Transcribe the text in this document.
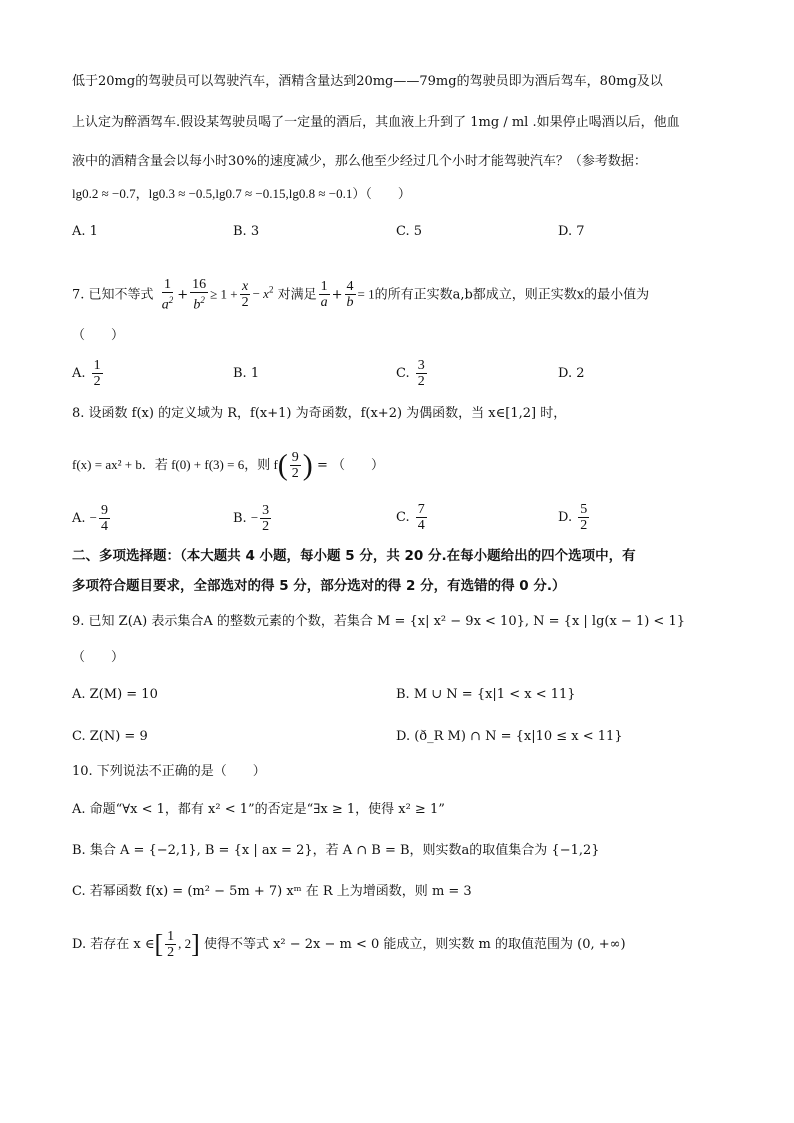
低于20mg的驾驶员可以驾驶汽车，酒精含量达到20mg——79mg的驾驶员即为酒后驾车，80mg及以
上认定为醉酒驾车.假设某驾驶员喝了一定量的酒后，其血液上升到了 1mg / ml .如果停止喝酒以后，他血
液中的酒精含量会以每小时30%的速度减少，那么他至少经过几个小时才能驾驶汽车？（参考数据：
lg0.2 ≈ −0.7，lg0.3 ≈ −0.5,lg0.7 ≈ −0.15,lg0.8 ≈ −0.1）（　　）
A. 1	B. 3	C. 5	D. 7
7. 已知不等式 $\frac{1}{a^2} + \frac{16}{b^2} \ge 1 + \frac{x}{2} - x^2$ 对满足 $\frac{1}{a} + \frac{4}{b} = 1$的所有正实数a,b都成立，则正实数x的最小值为
（　　）
A. $\frac{1}{2}$	B. 1	C. $\frac{3}{2}$	D. 2
8. 设函数 f(x) 的定义域为 R，f(x+1) 为奇函数，f(x+2) 为偶函数，当 x∈[1,2] 时，
f(x) = ax² + b．若 f(0) + f(3) = 6，则 $f( \frac{9}{2}$ ) = （　　）
A. − $\frac{9}{4}$	B. − $\frac{3}{2}$	C. $\frac{7}{4}$	D. $\frac{5}{2}$
二、多项选择题：（本大题共 4 小题，每小题 5 分，共 20 分.在每小题给出的四个选项中，有
多项符合题目要求，全部选对的得 5 分，部分选对的得 2 分，有选错的得 0 分.）
9. 已知 Z(A) 表示集合A 的整数元素的个数，若集合 M = {x| x² − 9x < 10}, N = {x | lg(x − 1) < 1}
（　　）
A. Z(M) = 10	B. M ∪ N = {x|1 < x < 11}
C. Z(N) = 9	D. (ð_R M) ∩ N = {x|10 ≤ x < 11}
10. 下列说法不正确的是（　　）
A. 命题“∀x < 1，都有 x² < 1”的否定是“∃x ≥ 1，使得 x² ≥ 1”
B. 集合 A = {−2,1}, B = {x | ax = 2}，若 A ∩ B = B，则实数a的取值集合为 {−1,2}
C. 若幂函数 f(x) = (m² − 5m + 7) xᵐ 在 R 上为增函数，则 m = 3
D. 若存在 x ∈[ $\frac{1}{2}$ , 2] 使得不等式 x² − 2x − m < 0 能成立，则实数 m 的取值范围为 (0, +∞)
